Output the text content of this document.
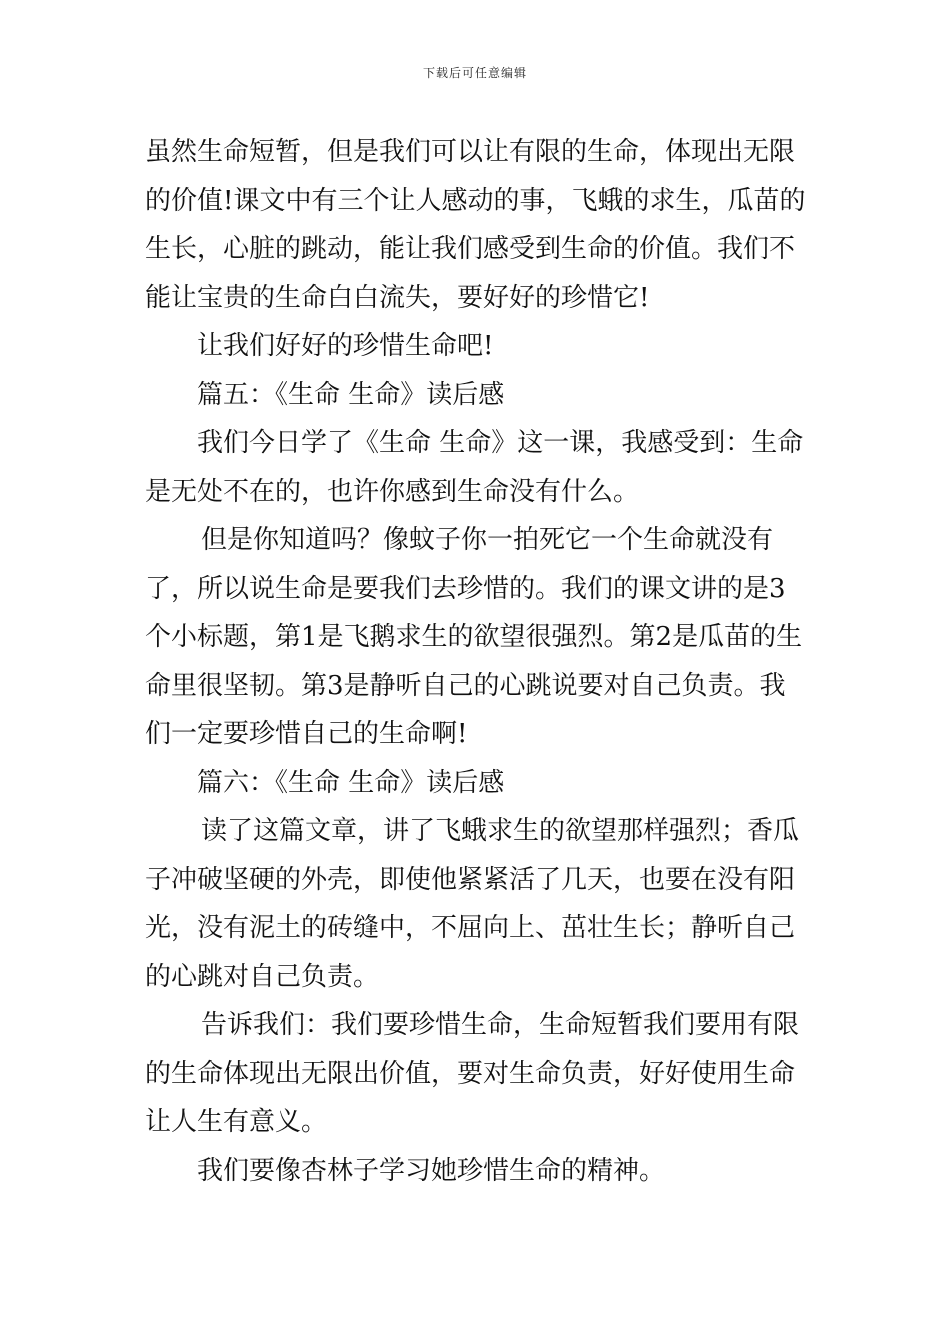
下载后可任意编辑

虽然生命短暂，但是我们可以让有限的生命，体现出无限的价值!课文中有三个让人感动的事，飞蛾的求生，瓜苗的生长，心脏的跳动，能让我们感受到生命的价值。我们不能让宝贵的生命白白流失，要好好的珍惜它!

让我们好好的珍惜生命吧!

篇五：《生命 生命》读后感

我们今日学了《生命 生命》这一课，我感受到：生命是无处不在的，也许你感到生命没有什么。

但是你知道吗？像蚊子你一拍死它一个生命就没有了，所以说生命是要我们去珍惜的。我们的课文讲的是3个小标题，第1是飞鹅求生的欲望很强烈。第2是瓜苗的生命里很坚韧。第3是静听自己的心跳说要对自己负责。我们一定要珍惜自己的生命啊!

篇六：《生命 生命》读后感

读了这篇文章，讲了飞蛾求生的欲望那样强烈；香瓜子冲破坚硬的外壳，即使他紧紧活了几天，也要在没有阳光，没有泥土的砖缝中，不屈向上、茁壮生长；静听自己的心跳对自己负责。

告诉我们：我们要珍惜生命，生命短暂我们要用有限的生命体现出无限出价值，要对生命负责，好好使用生命让人生有意义。

我们要像杏林子学习她珍惜生命的精神。
